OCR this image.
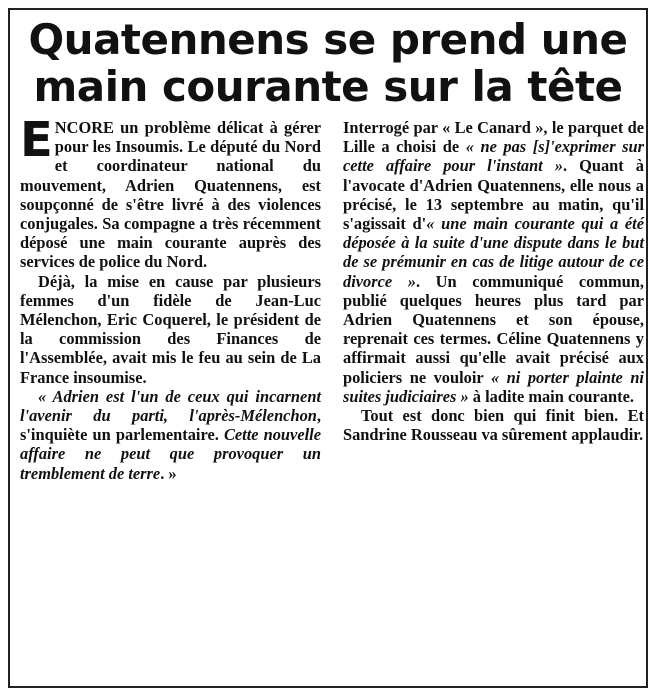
Quatennens se prend une
main courante sur la tête

ENCORE un problème délicat à gérer pour les Insoumis. Le député du Nord et coordinateur national du mouvement, Adrien Quatennens, est soupçonné de s'être livré à des violences conjugales. Sa compagne a très récemment déposé une main courante auprès des services de police du Nord.

Déjà, la mise en cause par plusieurs femmes d'un fidèle de Jean-Luc Mélenchon, Eric Coquerel, le président de la commission des Finances de l'Assemblée, avait mis le feu au sein de La France insoumise.

« Adrien est l'un de ceux qui incarnent l'avenir du parti, l'après-Mélenchon, s'inquiète un parlementaire. Cette nouvelle affaire ne peut que provoquer un tremblement de terre. »

Interrogé par « Le Canard », le parquet de Lille a choisi de « ne pas [s]'exprimer sur cette affaire pour l'instant ». Quant à l'avocate d'Adrien Quatennens, elle nous a précisé, le 13 septembre au matin, qu'il s'agissait d'« une main courante qui a été déposée à la suite d'une dispute dans le but de se prémunir en cas de litige autour de ce divorce ». Un communiqué commun, publié quelques heures plus tard par Adrien Quatennens et son épouse, reprenait ces termes. Céline Quatennens y affirmait aussi qu'elle avait précisé aux policiers ne vouloir « ni porter plainte ni suites judiciaires » à ladite main courante.

Tout est donc bien qui finit bien. Et Sandrine Rousseau va sûrement applaudir.
